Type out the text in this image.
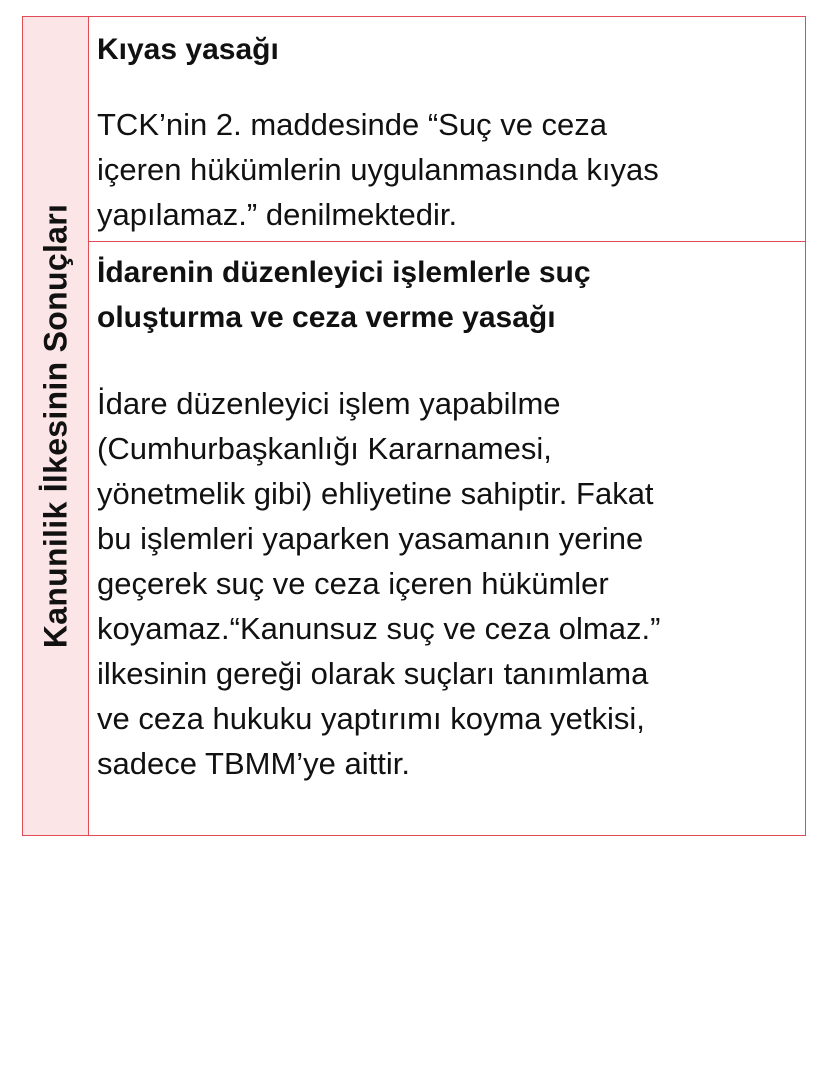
Kanunilik İlkesinin Sonuçları

Kıyas yasağı

TCK’nin 2. maddesinde “Suç ve ceza
içeren hükümlerin uygulanmasında kıyas
yapılamaz.” denilmektedir.

İdarenin düzenleyici işlemlerle suç
oluşturma ve ceza verme yasağı

İdare düzenleyici işlem yapabilme
(Cumhurbaşkanlığı Kararnamesi,
yönetmelik gibi) ehliyetine sahiptir. Fakat
bu işlemleri yaparken yasamanın yerine
geçerek suç ve ceza içeren hükümler
koyamaz.“Kanunsuz suç ve ceza olmaz.”
ilkesinin gereği olarak suçları tanımlama
ve ceza hukuku yaptırımı koyma yetkisi,
sadece TBMM’ye aittir.
